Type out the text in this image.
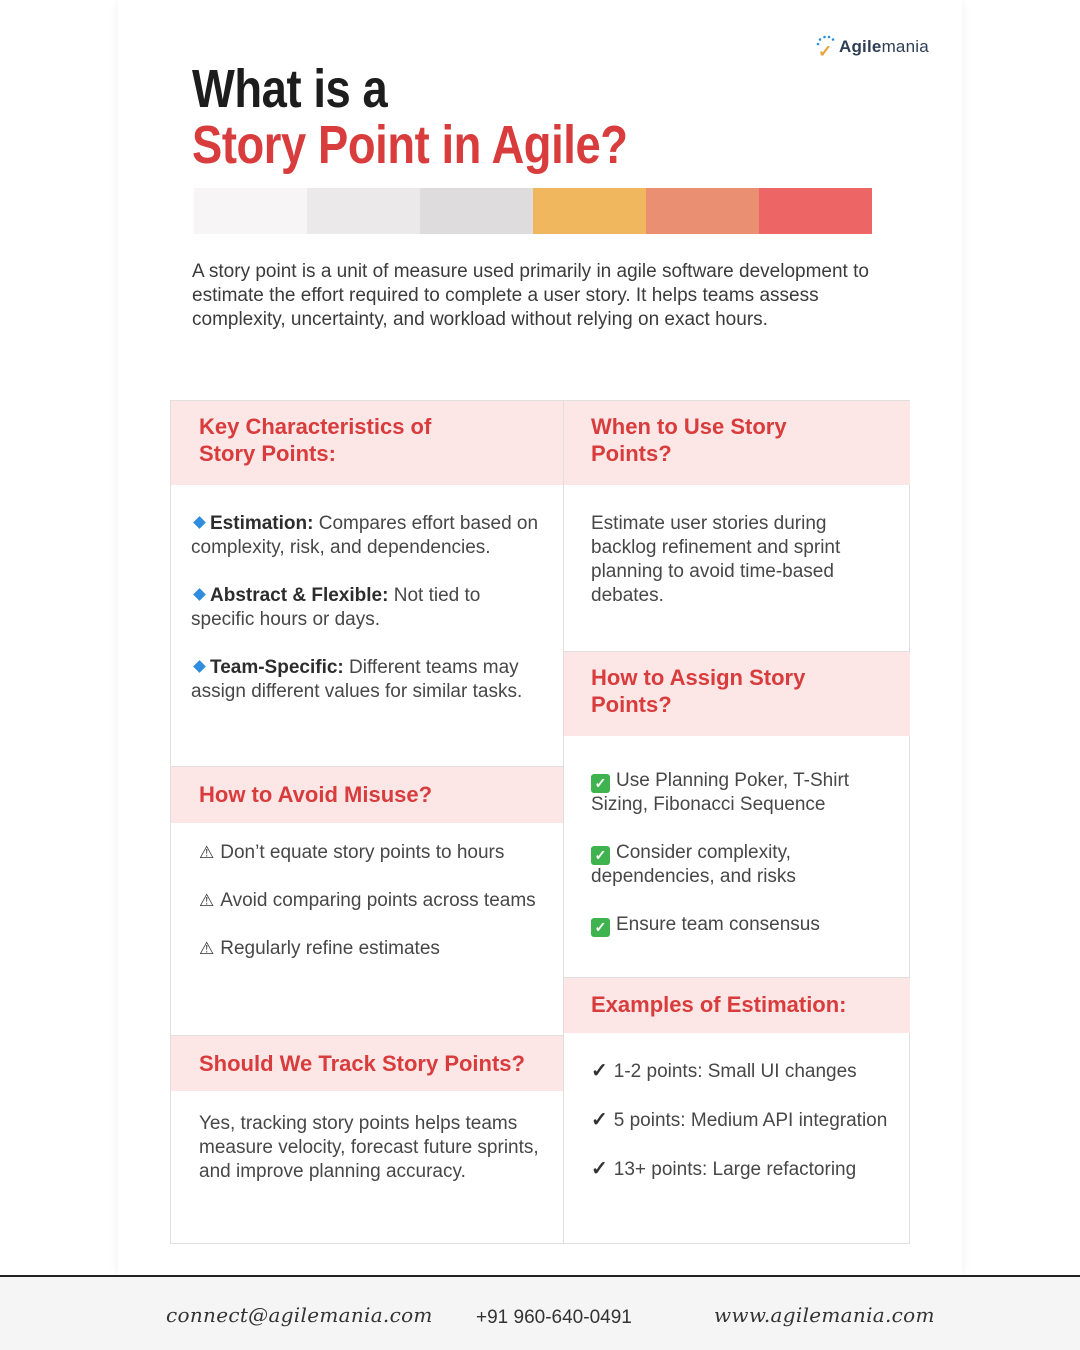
✓ Agilemania
What is a
Story Point in Agile?

A story point is a unit of measure used primarily in agile software development to estimate the effort required to complete a user story. It helps teams assess complexity, uncertainty, and workload without relying on exact hours.

Key Characteristics of Story Points:

Estimation: Compares effort based on complexity, risk, and dependencies.

Abstract & Flexible: Not tied to specific hours or days.

Team-Specific: Different teams may assign different values for similar tasks.

How to Avoid Misuse?

⚠ Don’t equate story points to hours

⚠ Avoid comparing points across teams

⚠ Regularly refine estimates

Should We Track Story Points?

Yes, tracking story points helps teams measure velocity, forecast future sprints, and improve planning accuracy.

When to Use Story Points?

Estimate user stories during backlog refinement and sprint planning to avoid time-based debates.

How to Assign Story Points?

✓ Use Planning Poker, T-Shirt Sizing, Fibonacci Sequence

✓ Consider complexity, dependencies, and risks

✓ Ensure team consensus

Examples of Estimation:

✓ 1-2 points: Small UI changes

✓ 5 points: Medium API integration

✓ 13+ points: Large refactoring

connect@agilemania.com +91 960-640-0491	www.agilemania.com
